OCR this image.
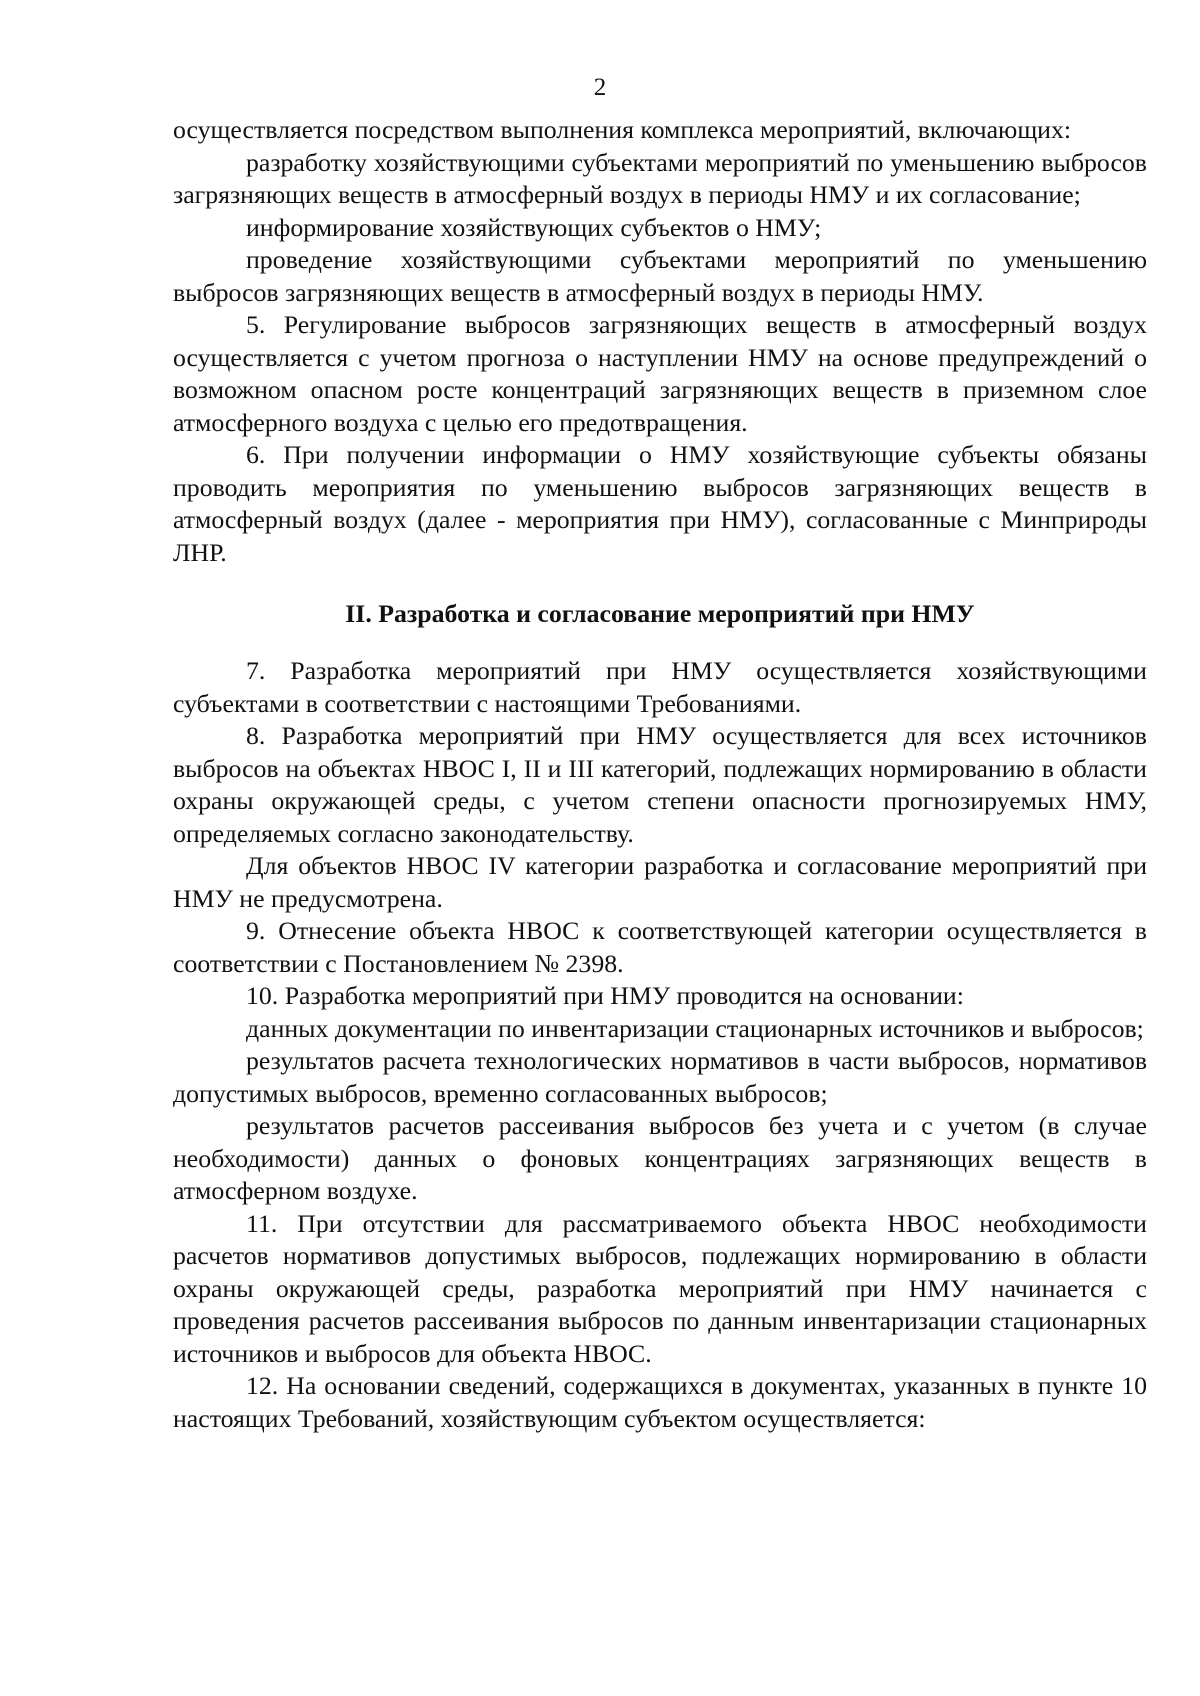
2

осуществляется посредством выполнения комплекса мероприятий, включающих:

разработку хозяйствующими субъектами мероприятий по уменьшению выбросов загрязняющих веществ в атмосферный воздух в периоды НМУ и их согласование;

информирование хозяйствующих субъектов о НМУ;

проведение хозяйствующими субъектами мероприятий по уменьшению выбросов загрязняющих веществ в атмосферный воздух в периоды НМУ.

5. Регулирование выбросов загрязняющих веществ в атмосферный воздух осуществляется с учетом прогноза о наступлении НМУ на основе предупреждений о возможном опасном росте концентраций загрязняющих веществ в приземном слое атмосферного воздуха с целью его предотвращения.

6. При получении информации о НМУ хозяйствующие субъекты обязаны проводить мероприятия по уменьшению выбросов загрязняющих веществ в атмосферный воздух (далее - мероприятия при НМУ), согласованные с Минприроды ЛНР.

II. Разработка и согласование мероприятий при НМУ

7. Разработка мероприятий при НМУ осуществляется хозяйствующими субъектами в соответствии с настоящими Требованиями.

8. Разработка мероприятий при НМУ осуществляется для всех источников выбросов на объектах НВОС I, II и III категорий, подлежащих нормированию в области охраны окружающей среды, с учетом степени опасности прогнозируемых НМУ, определяемых согласно законодательству.

Для объектов НВОС IV категории разработка и согласование мероприятий при НМУ не предусмотрена.

9. Отнесение объекта НВОС к соответствующей категории осуществляется в соответствии с Постановлением № 2398.

10. Разработка мероприятий при НМУ проводится на основании:

данных документации по инвентаризации стационарных источников и выбросов;

результатов расчета технологических нормативов в части выбросов, нормативов допустимых выбросов, временно согласованных выбросов;

результатов расчетов рассеивания выбросов без учета и с учетом (в случае необходимости) данных о фоновых концентрациях загрязняющих веществ в атмосферном воздухе.

11. При отсутствии для рассматриваемого объекта НВОС необходимости расчетов нормативов допустимых выбросов, подлежащих нормированию в области охраны окружающей среды, разработка мероприятий при НМУ начинается с проведения расчетов рассеивания выбросов по данным инвентаризации стационарных источников и выбросов для объекта НВОС.

12. На основании сведений, содержащихся в документах, указанных в пункте 10 настоящих Требований, хозяйствующим субъектом осуществляется:
